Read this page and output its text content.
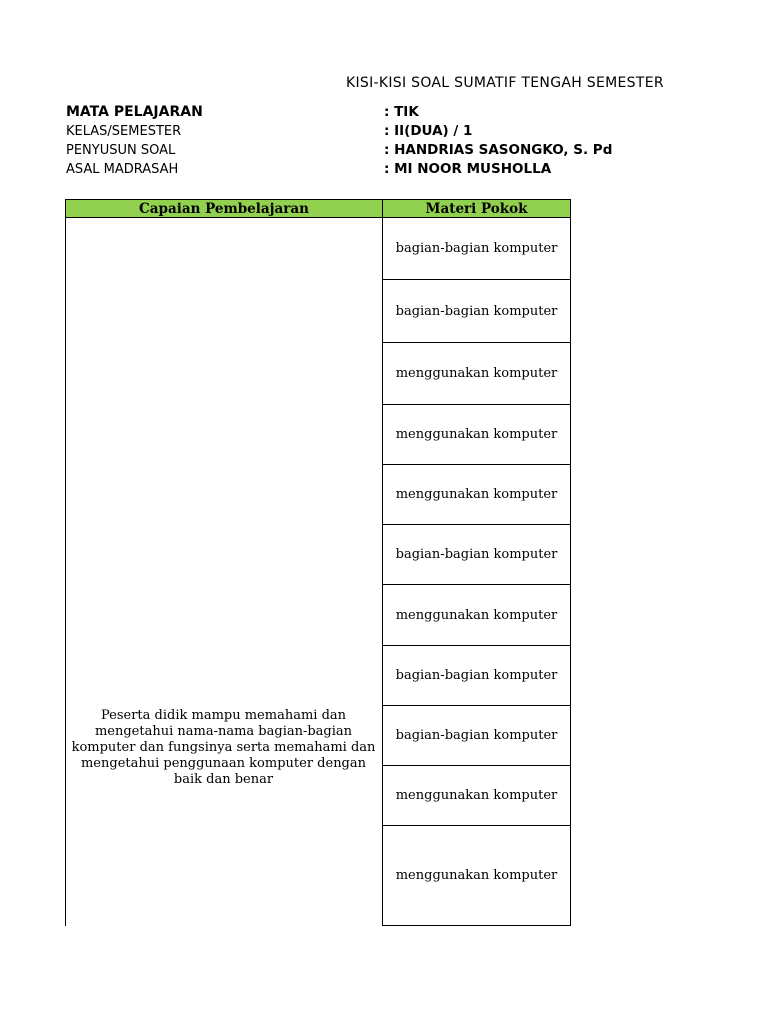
KISI-KISI SOAL SUMATIF TENGAH SEMESTER
MATA PELAJARAN	: TIK
KELAS/SEMESTER	: II(DUA) / 1
PENYUSUN SOAL	: HANDRIAS SASONGKO, S. Pd
ASAL MADRASAH	: MI NOOR MUSHOLLA
Capaian Pembelajaran	Materi Pokok
Peserta didik mampu memahami dan mengetahui nama-nama bagian-bagian komputer dan fungsinya serta memahami dan mengetahui penggunaan komputer dengan baik dan benar
bagian-bagian komputer
bagian-bagian komputer
menggunakan komputer
menggunakan komputer
menggunakan komputer
bagian-bagian komputer
menggunakan komputer
bagian-bagian komputer
bagian-bagian komputer
menggunakan komputer
menggunakan komputer
